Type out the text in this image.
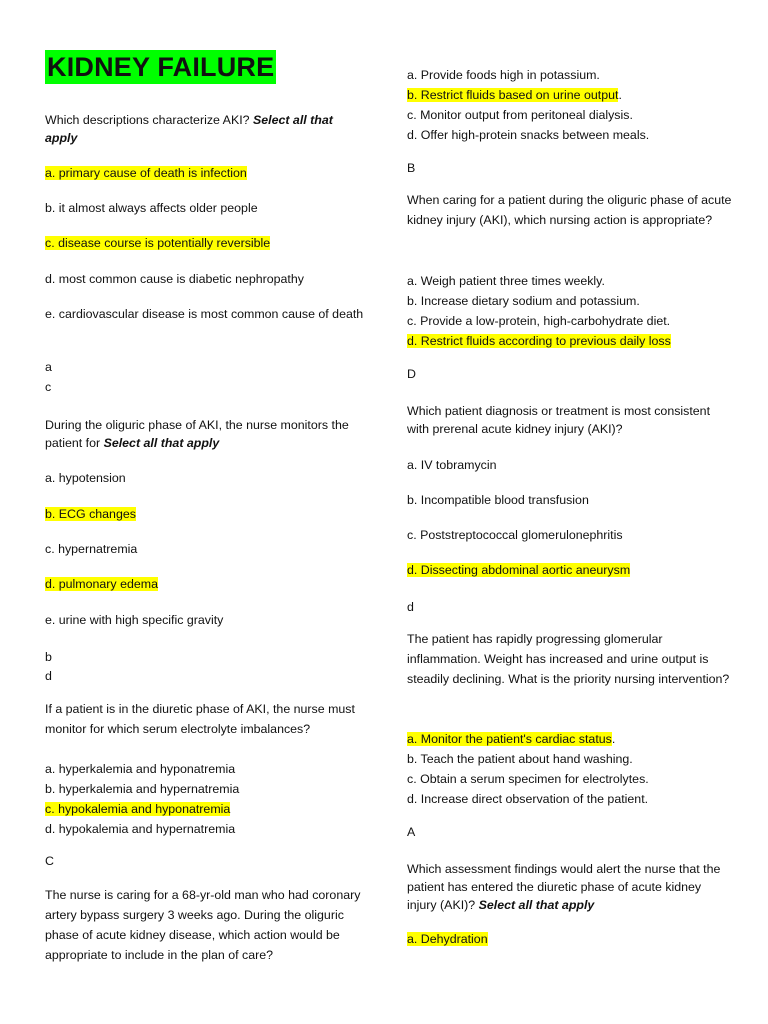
KIDNEY FAILURE

Which descriptions characterize AKI? Select all that apply

a. primary cause of death is infection

b. it almost always affects older people

c. disease course is potentially reversible

d. most common cause is diabetic nephropathy

e. cardiovascular disease is most common cause of death

a

c

During the oliguric phase of AKI, the nurse monitors the patient for Select all that apply

a. hypotension

b. ECG changes

c. hypernatremia

d. pulmonary edema

e. urine with high specific gravity

b

d

If a patient is in the diuretic phase of AKI, the nurse must monitor for which serum electrolyte imbalances?

a. hyperkalemia and hyponatremia

b. hyperkalemia and hypernatremia

c. hypokalemia and hyponatremia

d. hypokalemia and hypernatremia

C

The nurse is caring for a 68-yr-old man who had coronary artery bypass surgery 3 weeks ago. During the oliguric phase of acute kidney disease, which action would be appropriate to include in the plan of care?

a. Provide foods high in potassium.

b. Restrict fluids based on urine output.

c. Monitor output from peritoneal dialysis.

d. Offer high-protein snacks between meals.

B

When caring for a patient during the oliguric phase of acute kidney injury (AKI), which nursing action is appropriate?

a. Weigh patient three times weekly.

b. Increase dietary sodium and potassium.

c. Provide a low-protein, high-carbohydrate diet.

d. Restrict fluids according to previous daily loss

D

Which patient diagnosis or treatment is most consistent with prerenal acute kidney injury (AKI)?

a. IV tobramycin

b. Incompatible blood transfusion

c. Poststreptococcal glomerulonephritis

d. Dissecting abdominal aortic aneurysm

d

The patient has rapidly progressing glomerular inflammation. Weight has increased and urine output is steadily declining. What is the priority nursing intervention?

a. Monitor the patient's cardiac status.

b. Teach the patient about hand washing.

c. Obtain a serum specimen for electrolytes.

d. Increase direct observation of the patient.

A

Which assessment findings would alert the nurse that the patient has entered the diuretic phase of acute kidney injury (AKI)? Select all that apply

a. Dehydration
